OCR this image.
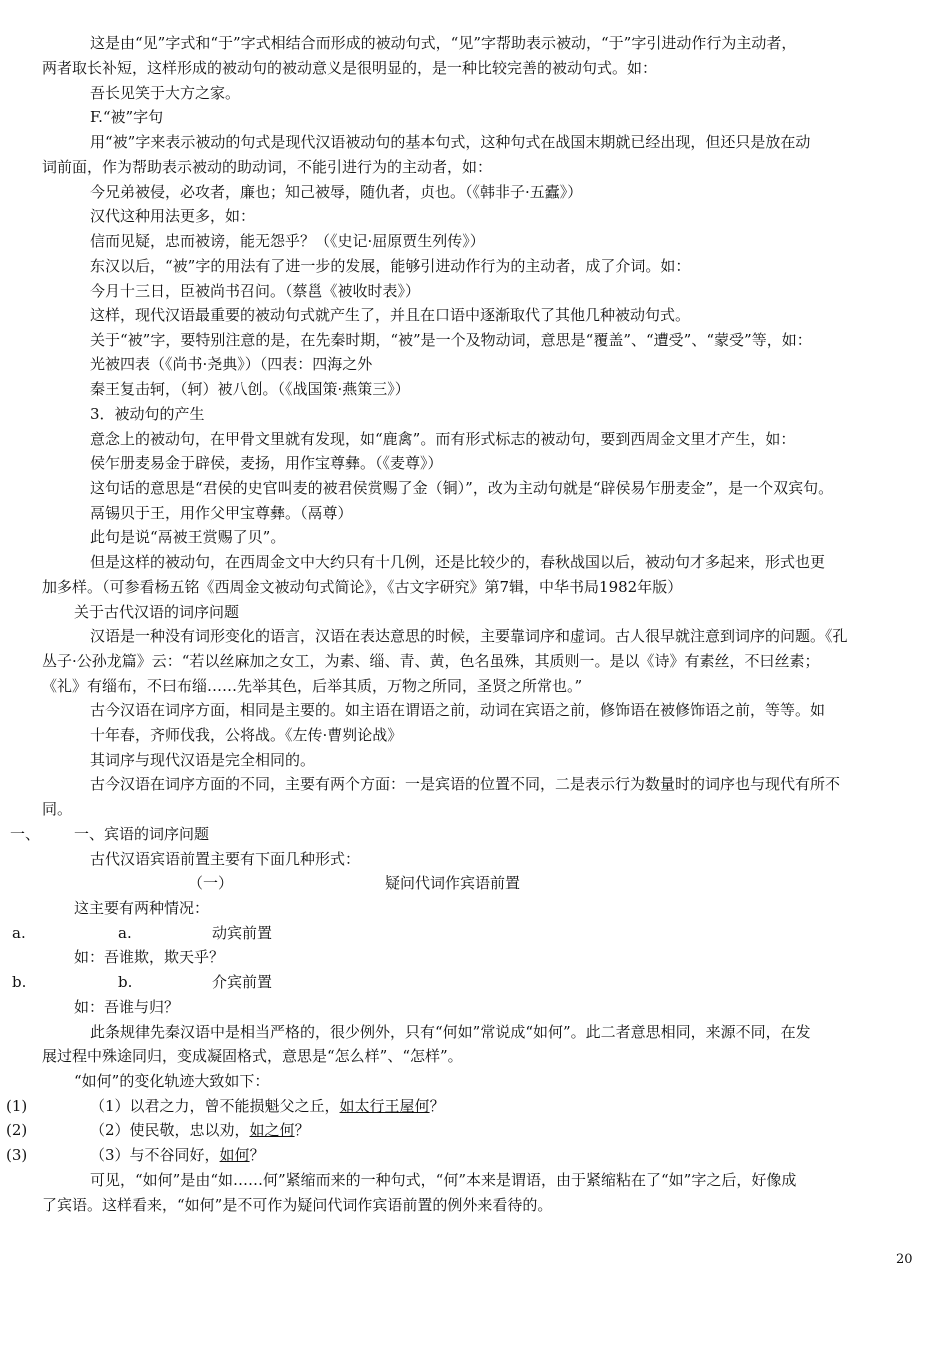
这是由“见”字式和“于”字式相结合而形成的被动句式，“见”字帮助表示被动，“于”字引进动作行为主动者，
两者取长补短，这样形成的被动句的被动意义是很明显的，是一种比较完善的被动句式。如：
吾长见笑于大方之家。
F.“被”字句
用“被”字来表示被动的句式是现代汉语被动句的基本句式，这种句式在战国末期就已经出现，但还只是放在动
词前面，作为帮助表示被动的助动词，不能引进行为的主动者，如：
今兄弟被侵，必攻者，廉也；知己被辱，随仇者，贞也。（《韩非子·五蠹》）
汉代这种用法更多，如：
信而见疑，忠而被谤，能无怨乎？（《史记·屈原贾生列传》）
东汉以后，“被”字的用法有了进一步的发展，能够引进动作行为的主动者，成了介词。如：
今月十三日，臣被尚书召问。（蔡邕《被收时表》）
这样，现代汉语最重要的被动句式就产生了，并且在口语中逐渐取代了其他几种被动句式。
关于“被”字，要特别注意的是，在先秦时期，“被”是一个及物动词，意思是“覆盖”、“遭受”、“蒙受”等，如：
光被四表（《尚书·尧典》）（四表：四海之外
秦王复击轲，（轲）被八创。（《战国策·燕策三》）
3．被动句的产生
意念上的被动句，在甲骨文里就有发现，如“鹿禽”。而有形式标志的被动句，要到西周金文里才产生，如：
侯乍册麦易金于辟侯，麦扬，用作宝尊彝。（《麦尊》）
这句话的意思是“君侯的史官叫麦的被君侯赏赐了金（铜）”，改为主动句就是“辟侯易乍册麦金”，是一个双宾句。
鬲锡贝于王，用作父甲宝尊彝。（鬲尊）
此句是说“鬲被王赏赐了贝”。
但是这样的被动句，在西周金文中大约只有十几例，还是比较少的，春秋战国以后，被动句才多起来，形式也更
加多样。（可参看杨五铭《西周金文被动句式简论》，《古文字研究》第7辑，中华书局1982年版）
关于古代汉语的词序问题
汉语是一种没有词形变化的语言，汉语在表达意思的时候，主要靠词序和虚词。古人很早就注意到词序的问题。《孔
丛子·公孙龙篇》云：“若以丝麻加之女工，为素、缁、青、黄，色名虽殊，其质则一。是以《诗》有素丝，不曰丝素；
《礼》有缁布，不曰布缁……先举其色，后举其质，万物之所同，圣贤之所常也。”
古今汉语在词序方面，相同是主要的。如主语在谓语之前，动词在宾语之前，修饰语在被修饰语之前，等等。如
十年春，齐师伐我，公将战。《左传·曹刿论战》
其词序与现代汉语是完全相同的。
古今汉语在词序方面的不同，主要有两个方面：一是宾语的位置不同，二是表示行为数量时的词序也与现代有所不
同。
一、 一、宾语的词序问题
古代汉语宾语前置主要有下面几种形式：
（一）	疑问代词作宾语前置
这主要有两种情况：
a.	a.	动宾前置
如：吾谁欺，欺天乎？
b.	b.	介宾前置
如：吾谁与归？
此条规律先秦汉语中是相当严格的，很少例外，只有“何如”常说成“如何”。此二者意思相同，来源不同，在发
展过程中殊途同归，变成凝固格式，意思是“怎么样”、“怎样”。
“如何”的变化轨迹大致如下：
(1)	（1）以君之力，曾不能损魁父之丘，如太行王屋何？
(2)	（2）使民敬，忠以劝，如之何？
(3)	（3）与不谷同好，如何？
可见，“如何”是由“如……何”紧缩而来的一种句式，“何”本来是谓语，由于紧缩粘在了“如”字之后，好像成
了宾语。这样看来，“如何”是不可作为疑问代词作宾语前置的例外来看待的。
20
